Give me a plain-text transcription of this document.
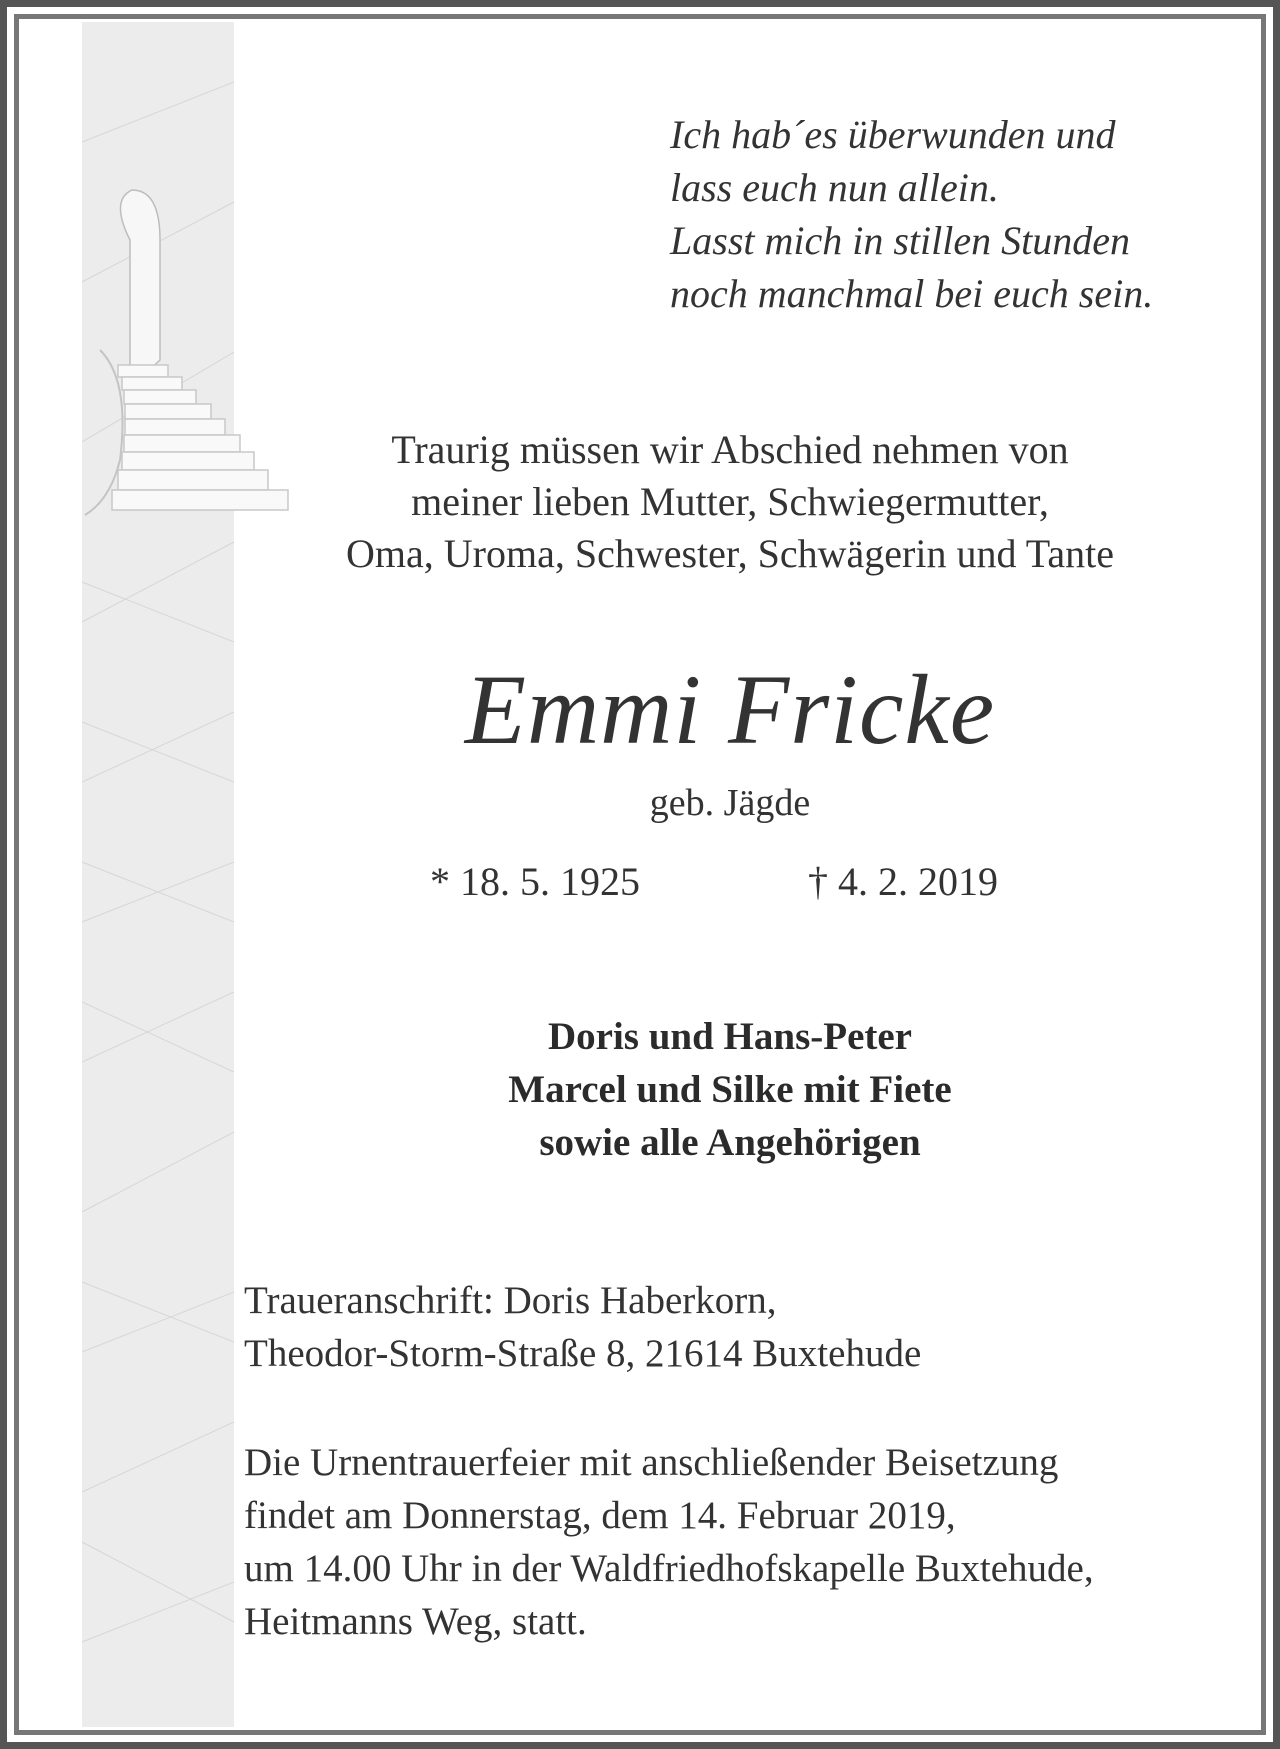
Ich hab´es überwunden und
lass euch nun allein.
Lasst mich in stillen Stunden
noch manchmal bei euch sein.
Traurig müssen wir Abschied nehmen von
meiner lieben Mutter, Schwiegermutter,
Oma, Uroma, Schwester, Schwägerin und Tante
Emmi Fricke
geb. Jägde
* 18. 5. 1925	† 4. 2. 2019
Doris und Hans-Peter
Marcel und Silke mit Fiete
sowie alle Angehörigen
Traueranschrift: Doris Haberkorn,
Theodor-Storm-Straße 8, 21614 Buxtehude
Die Urnentrauerfeier mit anschließender Beisetzung
findet am Donnerstag, dem 14. Februar 2019,
um 14.00 Uhr in der Waldfriedhofskapelle Buxtehude,
Heitmanns Weg, statt.
